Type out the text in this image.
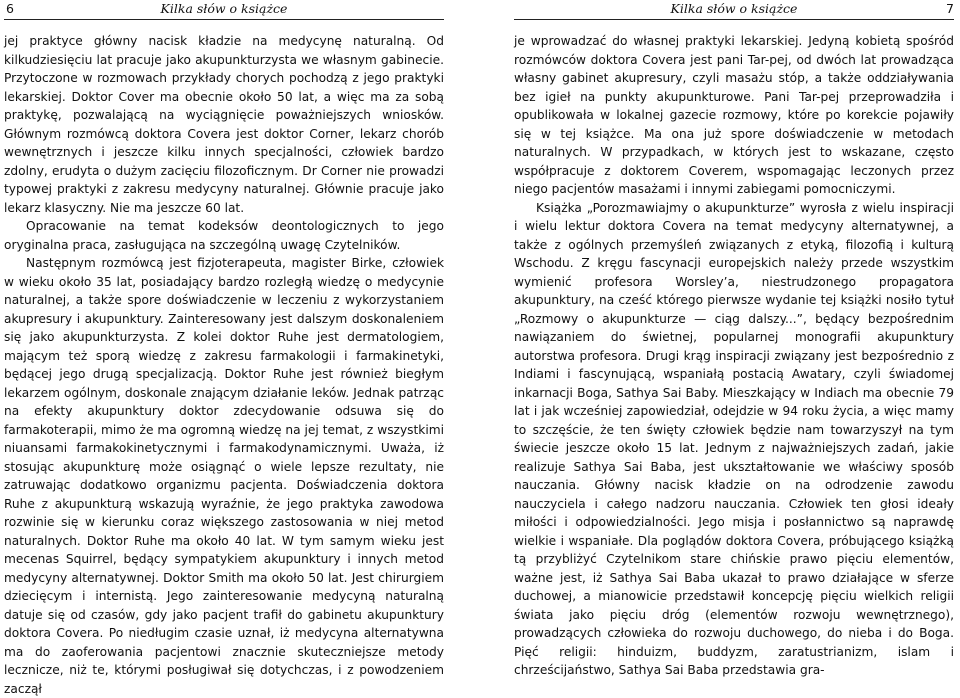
6	Kilka słów o książce

jej praktyce główny nacisk kładzie na medycynę naturalną. Od kilkudziesięciu lat pracuje jako akupunkturzysta we własnym gabinecie. Przytoczone w rozmowach przykłady chorych pochodzą z jego praktyki lekarskiej. Doktor Cover ma obecnie około 50 lat, a więc ma za sobą praktykę, pozwalającą na wyciągnięcie poważniejszych wniosków. Głównym rozmówcą doktora Covera jest doktor Corner, lekarz chorób wewnętrznych i jeszcze kilku innych specjalności, człowiek bardzo zdolny, erudyta o dużym zacięciu filozoficznym. Dr Corner nie prowadzi typowej praktyki z zakresu medycyny naturalnej. Głównie pracuje jako lekarz klasyczny. Nie ma jeszcze 60 lat.

Opracowanie na temat kodeksów deontologicznych to jego oryginalna praca, zasługująca na szczególną uwagę Czytelników.

Następnym rozmówcą jest fizjoterapeuta, magister Birke, człowiek w wieku około 35 lat, posiadający bardzo rozległą wiedzę o medycynie naturalnej, a także spore doświadczenie w leczeniu z wykorzystaniem akupresury i akupunktury. Zainteresowany jest dalszym doskonaleniem się jako akupunkturzysta. Z kolei doktor Ruhe jest dermatologiem, mającym też sporą wiedzę z zakresu farmakologii i farmakinetyki, będącej jego drugą specjalizacją. Doktor Ruhe jest również biegłym lekarzem ogólnym, doskonale znającym działanie leków. Jednak patrząc na efekty akupunktury doktor zdecydowanie odsuwa się do farmakoterapii, mimo że ma ogromną wiedzę na jej temat, z wszystkimi niuansami farmakokinetycznymi i farmakodynamicznymi. Uważa, iż stosując akupunkturę może osiągnąć o wiele lepsze rezultaty, nie zatruwając dodatkowo organizmu pacjenta. Doświadczenia doktora Ruhe z akupunkturą wskazują wyraźnie, że jego praktyka zawodowa rozwinie się w kierunku coraz większego zastosowania w niej metod naturalnych. Doktor Ruhe ma około 40 lat. W tym samym wieku jest mecenas Squirrel, będący sympatykiem akupunktury i innych metod medycyny alternatywnej. Doktor Smith ma około 50 lat. Jest chirurgiem dziecięcym i internistą. Jego zainteresowanie medycyną naturalną datuje się od czasów, gdy jako pacjent trafił do gabinetu akupunktury doktora Covera. Po niedługim czasie uznał, iż medycyna alternatywna ma do zaoferowania pacjentowi znacznie skuteczniejsze metody lecznicze, niż te, którymi posługiwał się dotychczas, i z powodzeniem zaczął

Kilka słów o książce	7

je wprowadzać do własnej praktyki lekarskiej. Jedyną kobietą spośród rozmówców doktora Covera jest pani Tar-pej, od dwóch lat prowadząca własny gabinet akupresury, czyli masażu stóp, a także oddziaływania bez igieł na punkty akupunkturowe. Pani Tar-pej przeprowadziła i opublikowała w lokalnej gazecie rozmowy, które po korekcie pojawiły się w tej książce. Ma ona już spore doświadczenie w metodach naturalnych. W przypadkach, w których jest to wskazane, często współpracuje z doktorem Coverem, wspomagając leczonych przez niego pacjentów masażami i innymi zabiegami pomocniczymi.

Książka „Porozmawiajmy o akupunkturze” wyrosła z wielu inspiracji i wielu lektur doktora Covera na temat medycyny alternatywnej, a także z ogólnych przemyśleń związanych z etyką, filozofią i kulturą Wschodu. Z kręgu fascynacji europejskich należy przede wszystkim wymienić profesora Worsley’a, niestrudzonego propagatora akupunktury, na cześć którego pierwsze wydanie tej książki nosiło tytuł „Rozmowy o akupunkturze — ciąg dalszy...”, będący bezpośrednim nawiązaniem do świetnej, popularnej monografii akupunktury autorstwa profesora. Drugi krąg inspiracji związany jest bezpośrednio z Indiami i fascynującą, wspaniałą postacią Awatary, czyli świadomej inkarnacji Boga, Sathya Sai Baby. Mieszkający w Indiach ma obecnie 79 lat i jak wcześniej zapowiedział, odejdzie w 94 roku życia, a więc mamy to szczęście, że ten święty człowiek będzie nam towarzyszył na tym świecie jeszcze około 15 lat. Jednym z najważniejszych zadań, jakie realizuje Sathya Sai Baba, jest ukształtowanie we właściwy sposób nauczania. Główny nacisk kładzie on na odrodzenie zawodu nauczyciela i całego nadzoru nauczania. Człowiek ten głosi ideały miłości i odpowiedzialności. Jego misja i posłannictwo są naprawdę wielkie i wspaniałe. Dla poglądów doktora Covera, próbującego książką tą przybliżyć Czytelnikom stare chińskie prawo pięciu elementów, ważne jest, iż Sathya Sai Baba ukazał to prawo działające w sferze duchowej, a mianowicie przedstawił koncepcję pięciu wielkich religii świata jako pięciu dróg (elementów rozwoju wewnętrznego), prowadzących człowieka do rozwoju duchowego, do nieba i do Boga. Pięć religii: hinduizm, buddyzm, zaratustrianizm, islam i chrześcijaństwo, Sathya Sai Baba przedstawia gra-
